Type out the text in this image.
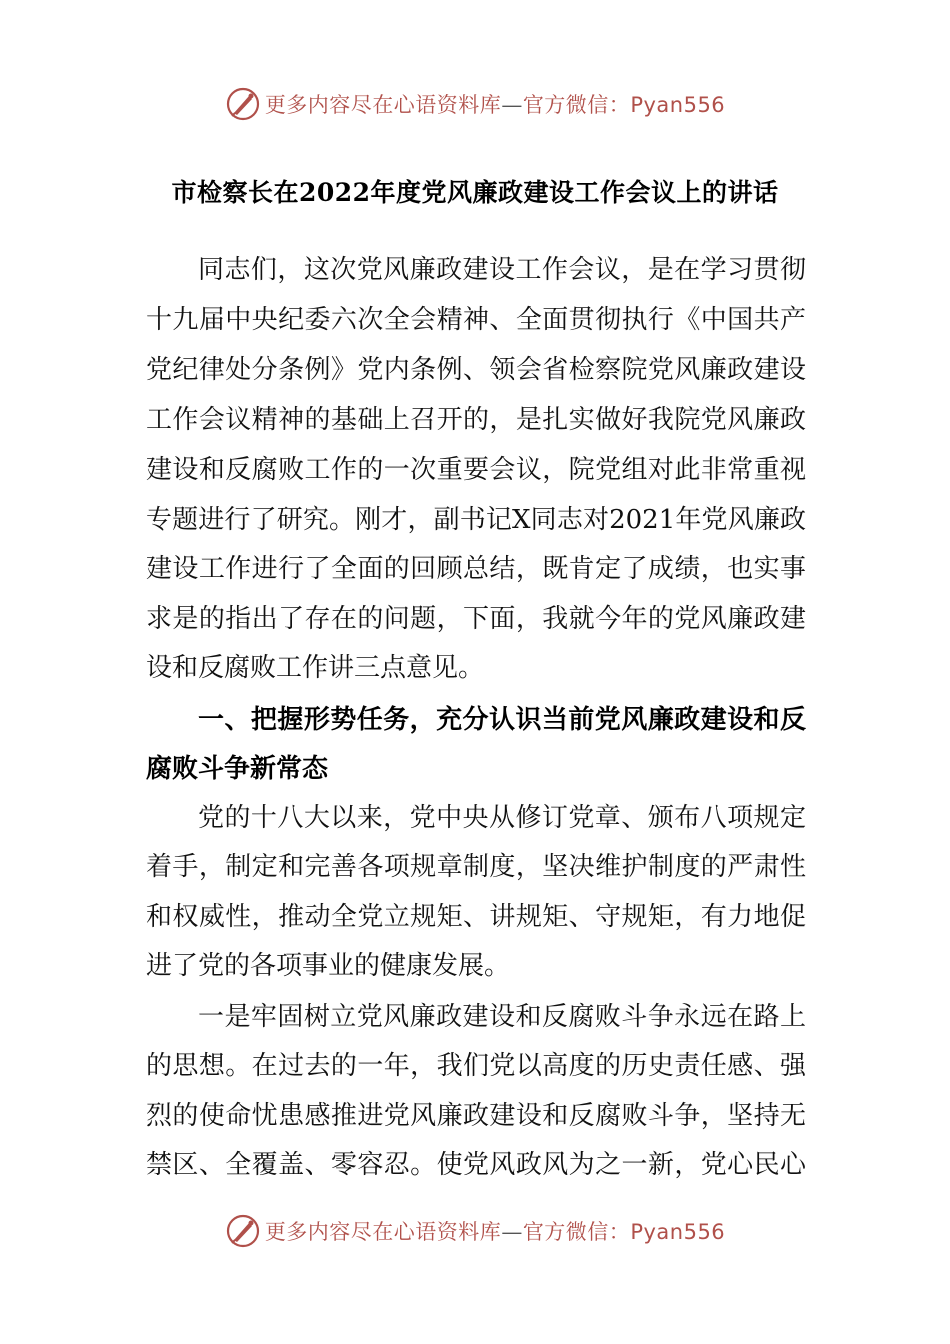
更多内容尽在心语资料库—官方微信：Pyan556
市检察长在2022年度党风廉政建设工作会议上的讲话
同志们，这次党风廉政建设工作会议，是在学习贯彻
十九届中央纪委六次全会精神、全面贯彻执行《中国共产
党纪律处分条例》党内条例、领会省检察院党风廉政建设
工作会议精神的基础上召开的，是扎实做好我院党风廉政
建设和反腐败工作的一次重要会议，院党组对此非常重视
专题进行了研究。刚才，副书记X同志对2021年党风廉政
建设工作进行了全面的回顾总结，既肯定了成绩，也实事
求是的指出了存在的问题，下面，我就今年的党风廉政建
设和反腐败工作讲三点意见。
一、把握形势任务，充分认识当前党风廉政建设和反
腐败斗争新常态
党的十八大以来，党中央从修订党章、颁布八项规定
着手，制定和完善各项规章制度，坚决维护制度的严肃性
和权威性，推动全党立规矩、讲规矩、守规矩，有力地促
进了党的各项事业的健康发展。
一是牢固树立党风廉政建设和反腐败斗争永远在路上
的思想。在过去的一年，我们党以高度的历史责任感、强
烈的使命忧患感推进党风廉政建设和反腐败斗争，坚持无
禁区、全覆盖、零容忍。使党风政风为之一新，党心民心
更多内容尽在心语资料库—官方微信：Pyan556
